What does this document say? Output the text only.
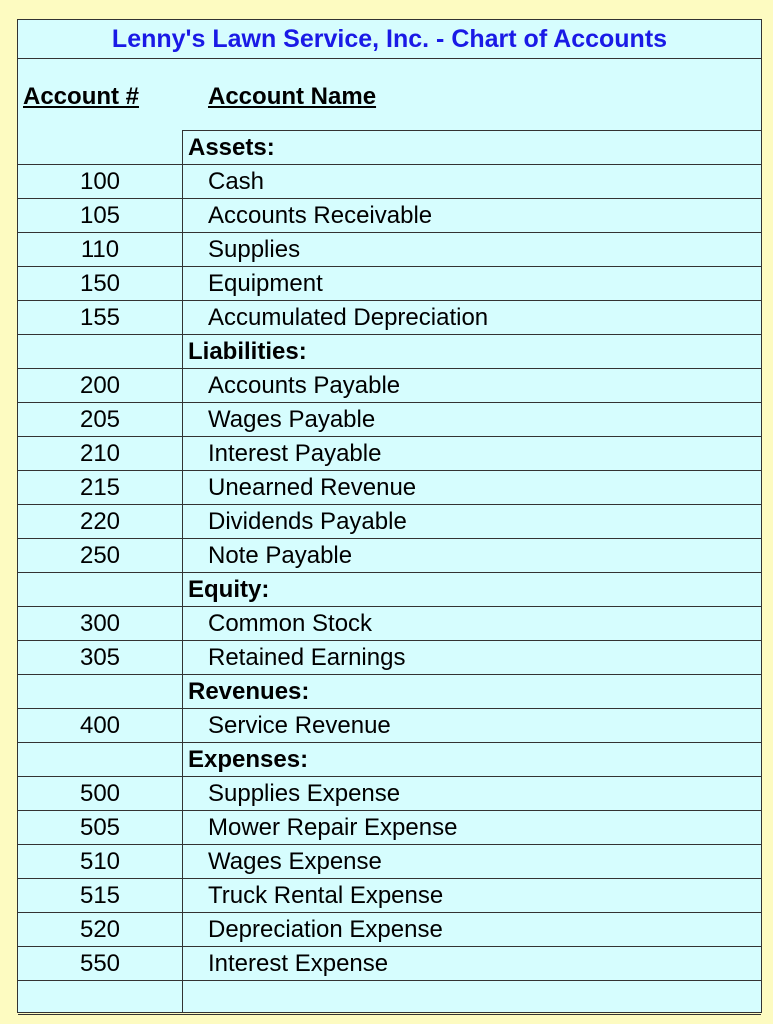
Lenny's Lawn Service, Inc. - Chart of Accounts
Account #	Account Name
Assets:
100	Cash
105	Accounts Receivable
110	Supplies
150	Equipment
155	Accumulated Depreciation
Liabilities:
200	Accounts Payable
205	Wages Payable
210	Interest Payable
215	Unearned Revenue
220	Dividends Payable
250	Note Payable
Equity:
300	Common Stock
305	Retained Earnings
Revenues:
400	Service Revenue
Expenses:
500	Supplies Expense
505	Mower Repair Expense
510	Wages Expense
515	Truck Rental Expense
520	Depreciation Expense
550	Interest Expense
